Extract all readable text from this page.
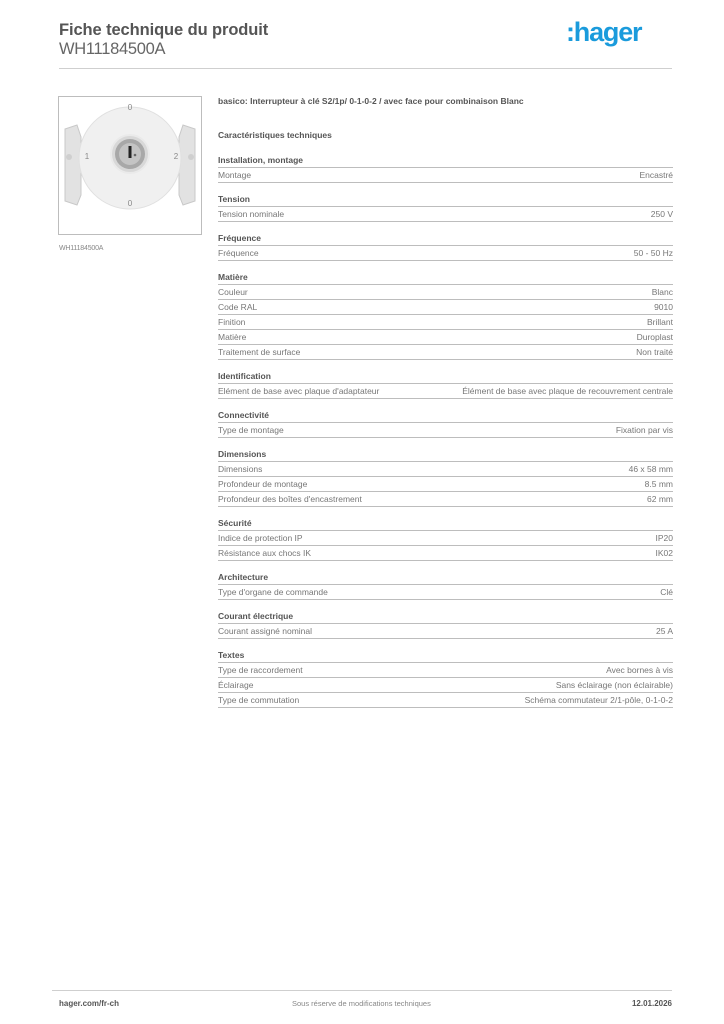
Fiche technique du produit
WH11184500A
:hager
0
1	2
0
WH11184500A
basico: Interrupteur à clé S2/1p/ 0-1-0-2 / avec face pour combinaison Blanc
Caractéristiques techniques
Installation, montage
Montage	Encastré
Tension
Tension nominale	250 V
Fréquence
Fréquence	50 - 50 Hz
Matière
Couleur	Blanc
Code RAL	9010
Finition	Brillant
Matière	Duroplast
Traitement de surface	Non traité
Identification
Elément de base avec plaque d'adaptateur	Élément de base avec plaque de recouvrement centrale
Connectivité
Type de montage	Fixation par vis
Dimensions
Dimensions	46 x 58 mm
Profondeur de montage	8.5 mm
Profondeur des boîtes d'encastrement	62 mm
Sécurité
Indice de protection IP	IP20
Résistance aux chocs IK	IK02
Architecture
Type d'organe de commande	Clé
Courant électrique
Courant assigné nominal	25 A
Textes
Type de raccordement	Avec bornes à vis
Éclairage	Sans éclairage (non éclairable)
Type de commutation	Schéma commutateur 2/1-pôle, 0-1-0-2
hager.com/fr-ch	Sous réserve de modifications techniques	12.01.2026
